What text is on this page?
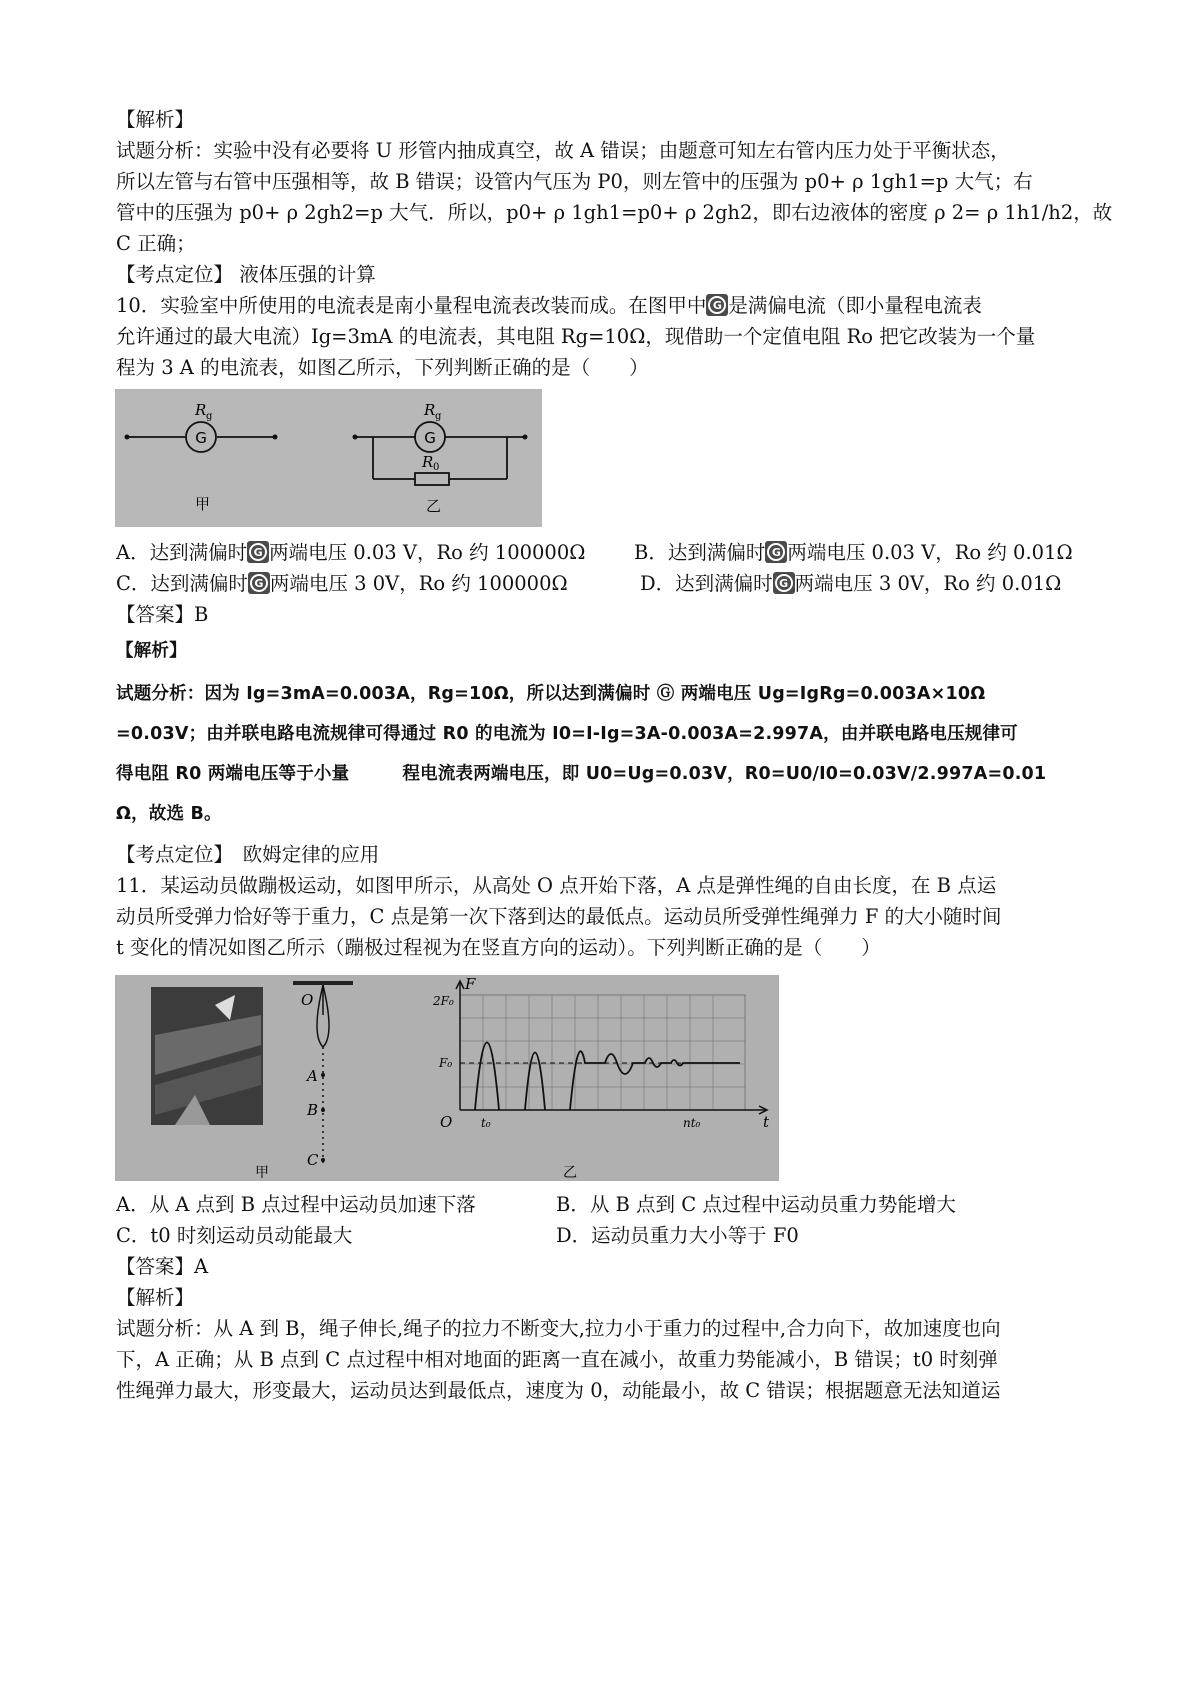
【解析】
试题分析：实验中没有必要将 U 形管内抽成真空，故 A 错误；由题意可知左右管内压力处于平衡状态，
所以左管与右管中压强相等，故 B 错误；设管内气压为 P0，则左管中的压强为 p0+ ρ 1gh1=p 大气；右
管中的压强为 p0+ ρ 2gh2=p 大气．所以，p0+ ρ 1gh1=p0+ ρ 2gh2，即右边液体的密度 ρ 2= ρ 1h1/h2，故
C 正确；
【考点定位】 液体压强的计算
10．实验室中所使用的电流表是南小量程电流表改装而成。在图甲中 G 是满偏电流（即小量程电流表
允许通过的最大电流）Ig=3mA 的电流表，其电阻 Rg=10Ω，现借助一个定值电阻 Ro 把它改装为一个量
程为 3 A 的电流表，如图乙所示，下列判断正确的是（　　）
G
R g
甲
G
R g
R 0
乙
A．达到满偏时 G 两端电压 0.03 V，Ro 约 100000Ω	B．达到满偏时 G 两端电压 0.03 V，Ro 约 0.01Ω
C．达到满偏时 G 两端电压 3 0V，Ro 约 100000Ω	D．达到满偏时 G 两端电压 3 0V，Ro 约 0.01Ω
【答案】B
【解析】
试题分析：因为 Ig=3mA=0.003A，Rg=10Ω，所以达到满偏时 Ⓖ 两端电压 Ug=IgRg=0.003A×10Ω
=0.03V；由并联电路电流规律可得通过 R0 的电流为 I0=I-Ig=3A-0.003A=2.997A，由并联电路电压规律可
得电阻 R0 两端电压等于小量　　　程电流表两端电压，即 U0=Ug=0.03V，R0=U0/I0=0.03V/2.997A=0.01
Ω，故选 B。
【考点定位】　欧姆定律的应用
11．某运动员做蹦极运动，如图甲所示，从高处 O 点开始下落，A 点是弹性绳的自由长度，在 B 点运
动员所受弹力恰好等于重力，C 点是第一次下落到达的最低点。运动员所受弹性绳弹力 F 的大小随时间
t 变化的情况如图乙所示（蹦极过程视为在竖直方向的运动）。下列判断正确的是（　　）
O
A
B
C
甲
F
t
O
2F₀
F₀
t₀	nt₀
乙
A．从 A 点到 B 点过程中运动员加速下落	B．从 B 点到 C 点过程中运动员重力势能增大
C．t0 时刻运动员动能最大	D．运动员重力大小等于 F0
【答案】A
【解析】
试题分析：从 A 到 B，绳子伸长,绳子的拉力不断变大,拉力小于重力的过程中,合力向下，故加速度也向
下，A 正确；从 B 点到 C 点过程中相对地面的距离一直在减小，故重力势能减小，B 错误；t0 时刻弹
性绳弹力最大，形变最大，运动员达到最低点，速度为 0，动能最小，故 C 错误；根据题意无法知道运
